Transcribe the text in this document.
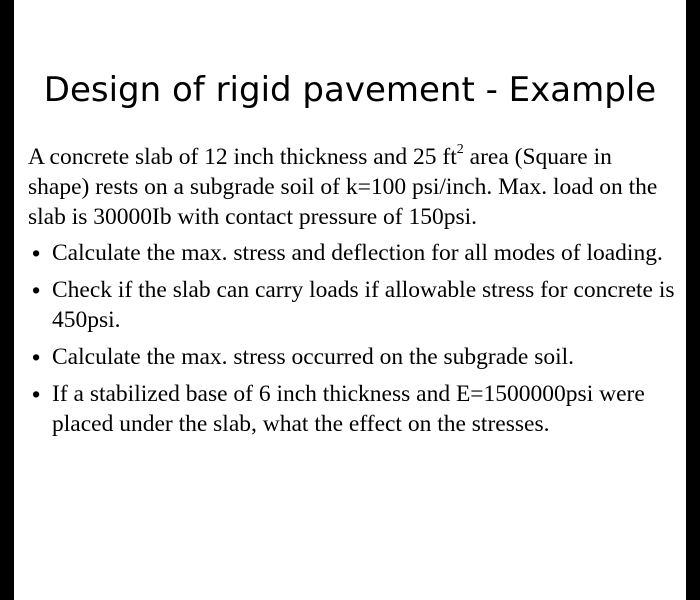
Design of rigid pavement - Example
A concrete slab of 12 inch thickness and 25 $ft^2$ area (Square in shape) rests on a subgrade soil of k=100 psi/inch. Max. load on the slab is 30000Ib with contact pressure of 150psi.
• Calculate the max. stress and deflection for all modes of loading.
• Check if the slab can carry loads if allowable stress for concrete is 450psi.
• Calculate the max. stress occurred on the subgrade soil.
• If a stabilized base of 6 inch thickness and E=1500000psi were placed under the slab, what the effect on the stresses.
